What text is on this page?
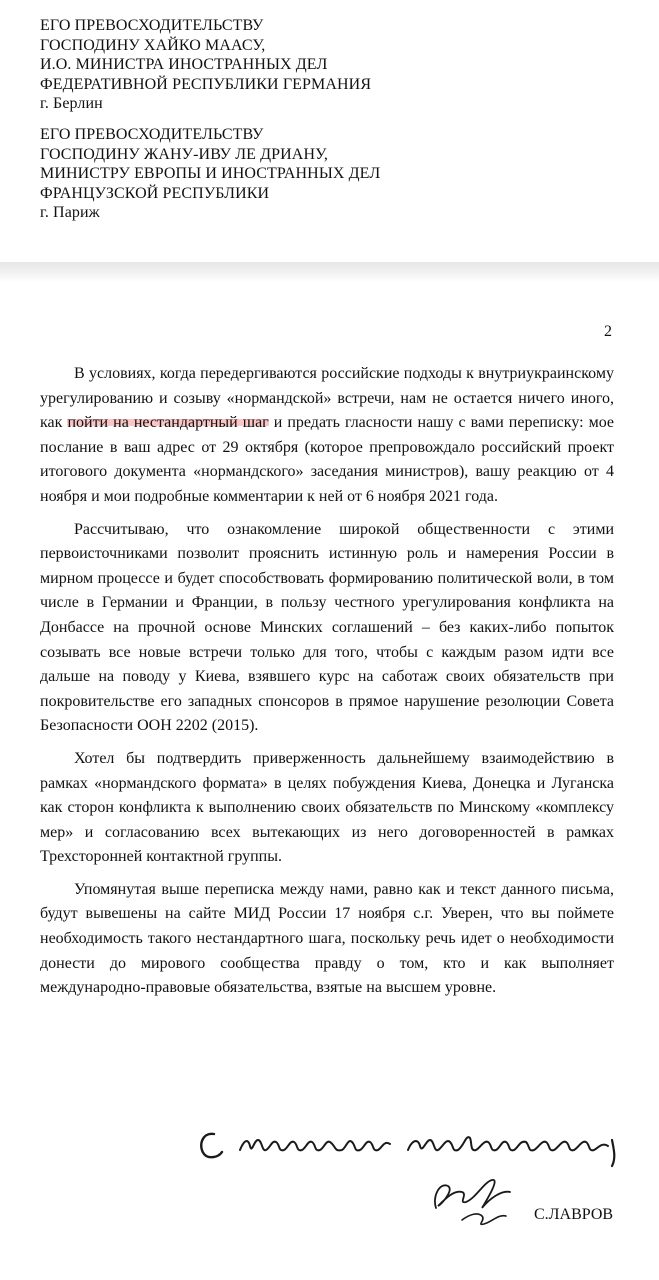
ЕГО ПРЕВОСХОДИТЕЛЬСТВУ
ГОСПОДИНУ ХАЙКО МААСУ,
И.О. МИНИСТРА ИНОСТРАННЫХ ДЕЛ
ФЕДЕРАТИВНОЙ РЕСПУБЛИКИ ГЕРМАНИЯ
г. Берлин
ЕГО ПРЕВОСХОДИТЕЛЬСТВУ
ГОСПОДИНУ ЖАНУ-ИВУ ЛЕ ДРИАНУ,
МИНИСТРУ ЕВРОПЫ И ИНОСТРАННЫХ ДЕЛ
ФРАНЦУЗСКОЙ РЕСПУБЛИКИ
г. Париж
2

В условиях, когда передергиваются российские подходы к внутриукраинскому урегулированию и созыву «нормандской» встречи, нам не остается ничего иного, как пойти на нестандартный шаг и предать гласности нашу с вами переписку: мое послание в ваш адрес от 29 октября (которое препровождало российский проект итогового документа «нормандского» заседания министров), вашу реакцию от 4 ноября и мои подробные комментарии к ней от 6 ноября 2021 года.

Рассчитываю, что ознакомление широкой общественности с этими первоисточниками позволит прояснить истинную роль и намерения России в мирном процессе и будет способствовать формированию политической воли, в том числе в Германии и Франции, в пользу честного урегулирования конфликта на Донбассе на прочной основе Минских соглашений – без каких-либо попыток созывать все новые встречи только для того, чтобы с каждым разом идти все дальше на поводу у Киева, взявшего курс на саботаж своих обязательств при покровительстве его западных спонсоров в прямое нарушение резолюции Совета Безопасности ООН 2202 (2015).

Хотел бы подтвердить приверженность дальнейшему взаимодействию в рамках «нормандского формата» в целях побуждения Киева, Донецка и Луганска как сторон конфликта к выполнению своих обязательств по Минскому «комплексу мер» и согласованию всех вытекающих из него договоренностей в рамках Трехсторонней контактной группы.

Упомянутая выше переписка между нами, равно как и текст данного письма, будут вывешены на сайте МИД России 17 ноября с.г. Уверен, что вы поймете необходимость такого нестандартного шага, поскольку речь идет о необходимости донести до мирового сообщества правду о том, кто и как выполняет международно-правовые обязательства, взятые на высшем уровне.

С.ЛАВРОВ
